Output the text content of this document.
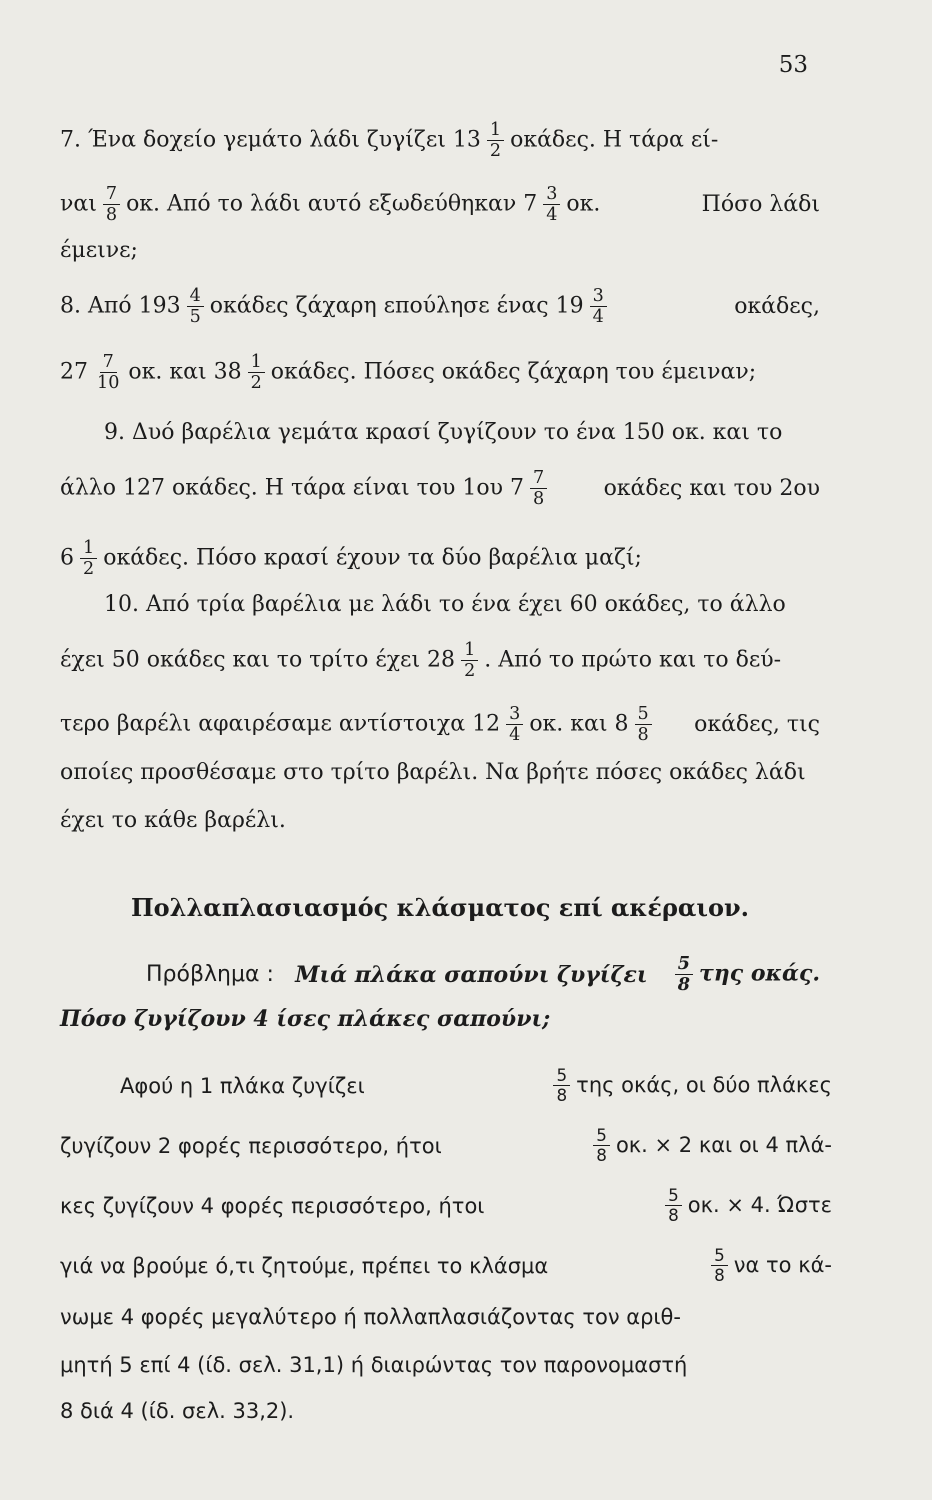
53
7. Ένα δοχείο γεμάτο λάδι ζυγίζει $13 \frac{1}{2} o\kappa ά\delta\varepsilon\varsigma$. Η τάρα εί-
ναι $\frac{7}{8} o\kappa$. Από το λάδι αυτό εξωδεύθηκαν $7 \frac{3}{4} o\kappa$.	Πόσο λάδι
έμεινε;
8. Από $193 \frac{4}{5}$ οκάδες ζάχαρη επούλησε ένας $19 \frac{3}{4}$	οκάδες,
$27 \frac{7}{10} o\kappa$. και $38 \frac{1}{2} o\kappa ά\delta\varepsilon\varsigma$. Πόσες οκάδες ζάχαρη του έμειναν;
9. Δυό βαρέλια γεμάτα κρασί ζυγίζουν το ένα 150 οκ. και το
άλλο 127 οκάδες. Η τάρα είναι του 1ου $7 \frac{7}{8}$	οκάδες και του 2ου
$6 \frac{1}{2} o\kappa ά\delta\varepsilon\varsigma$. Πόσο κρασί έχουν τα δύο βαρέλια μαζί;
10. Από τρία βαρέλια με λάδι το ένα έχει 60 οκάδες, το άλλο
έχει 50 οκάδες και το τρίτο έχει $28 \frac{1}{2}$ . Από το πρώτο και το δεύ-
τερο βαρέλι αφαιρέσαμε αντίστοιχα $12 \frac{3}{4} o\kappa$. και $8 \frac{5}{8} o\kappa ά\delta\varepsilon\varsigma$, τις
οποίες προσθέσαμε στο τρίτο βαρέλι. Να βρήτε πόσες οκάδες λάδι
έχει το κάθε βαρέλι.
Πολλαπλασιασμός κλάσματος επί ακέραιον.
Πρόβλημα : Μιά πλάκα σαπούνι ζυγίζει $\frac{5}{8}$ της οκάς.
Πόσο ζυγίζουν 4 ίσες πλάκες σαπούνι;
Αφού η 1 πλάκα ζυγίζει	$\frac{5}{8}$ της οκάς, οι δύο πλάκες
ζυγίζουν 2 φορές περισσότερο, ήτοι	$\frac{5}{8} o\kappa$. × 2 και οι 4 πλά-
κες ζυγίζουν 4 φορές περισσότερο, ήτοι	$\frac{5}{8} o\kappa$. × 4. Ώστε
γιά να βρούμε ό,τι ζητούμε, πρέπει το κλάσμα	$\frac{5}{8}$ να το κά-
νωμε 4 φορές μεγαλύτερο ή πολλαπλασιάζοντας τον αριθ-
μητή 5 επί 4 (ίδ. σελ. 31,1) ή διαιρώντας τον παρονομαστή
8 διά 4 (ίδ. σελ. 33,2).
